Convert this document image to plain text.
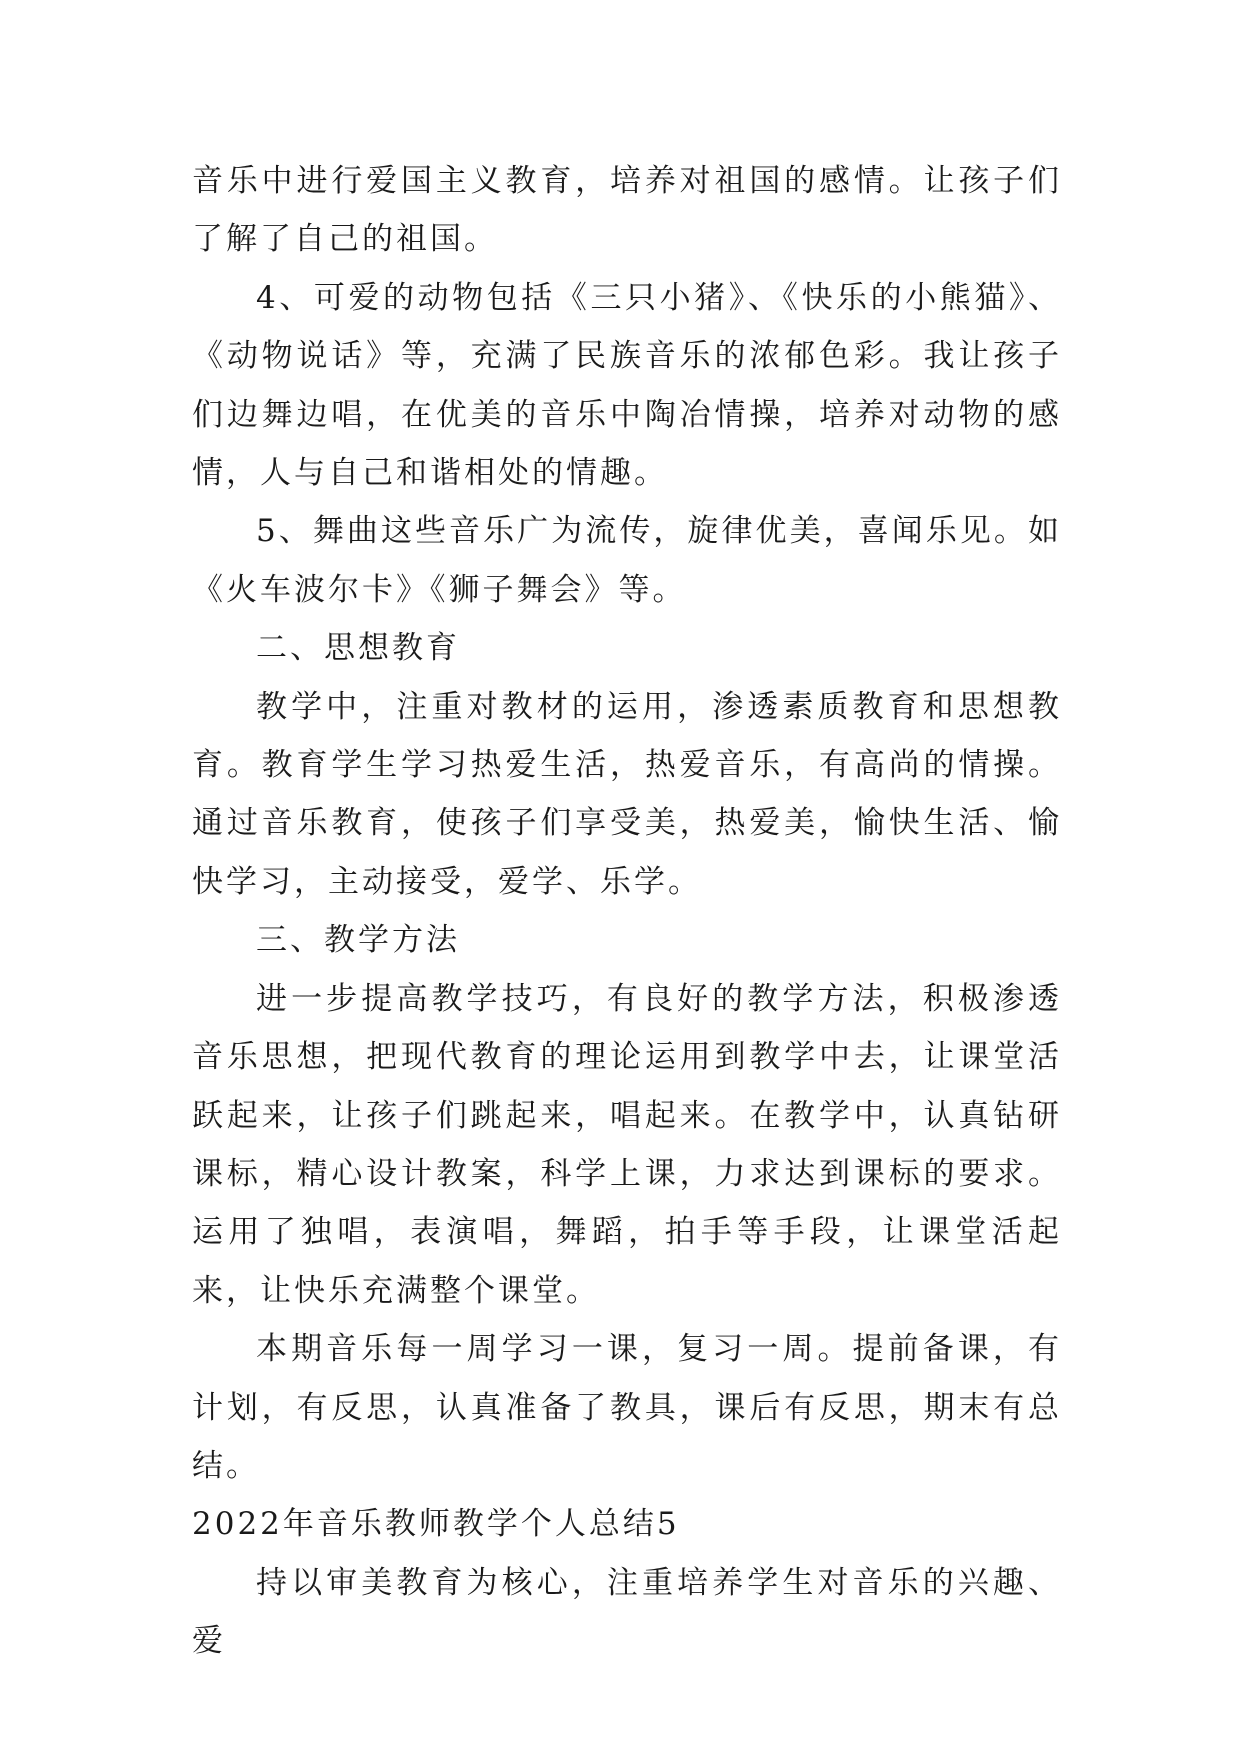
音乐中进行爱国主义教育，培养对祖国的感情。让孩子们了解了自己的祖国。

4、可爱的动物包括《三只小猪》、《快乐的小熊猫》、《动物说话》等，充满了民族音乐的浓郁色彩。我让孩子们边舞边唱，在优美的音乐中陶冶情操，培养对动物的感情，人与自己和谐相处的情趣。

5、舞曲这些音乐广为流传，旋律优美，喜闻乐见。如《火车波尔卡》《狮子舞会》等。

二、思想教育

教学中，注重对教材的运用，渗透素质教育和思想教育。教育学生学习热爱生活，热爱音乐，有高尚的情操。通过音乐教育，使孩子们享受美，热爱美，愉快生活、愉快学习，主动接受，爱学、乐学。

三、教学方法

进一步提高教学技巧，有良好的教学方法，积极渗透音乐思想，把现代教育的理论运用到教学中去，让课堂活跃起来，让孩子们跳起来，唱起来。在教学中，认真钻研课标，精心设计教案，科学上课，力求达到课标的要求。运用了独唱，表演唱，舞蹈，拍手等手段，让课堂活起来，让快乐充满整个课堂。

本期音乐每一周学习一课，复习一周。提前备课，有计划，有反思，认真准备了教具，课后有反思，期末有总结。

2022年音乐教师教学个人总结5

持以审美教育为核心，注重培养学生对音乐的兴趣、爱
